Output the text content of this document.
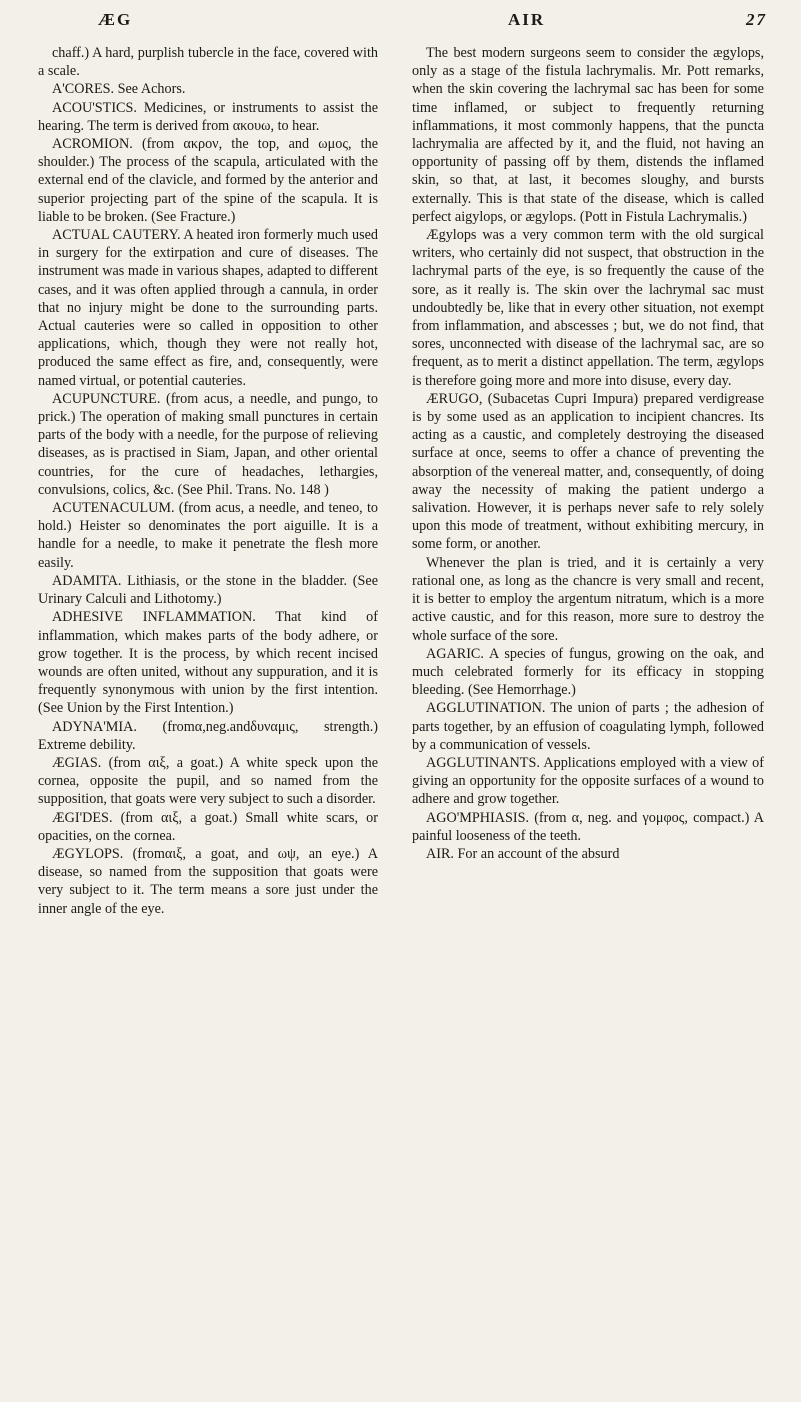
ÆG	AIR	27

chaff.) A hard, purplish tubercle in the face, covered with a scale.

A'CORES. See Achors.

ACOU'STICS. Medicines, or instruments to assist the hearing. The term is derived from ακουω, to hear.

ACROMION. (from ακρον, the top, and ωμος, the shoulder.) The process of the scapula, articulated with the external end of the clavicle, and formed by the anterior and superior projecting part of the spine of the scapula. It is liable to be broken. (See Fracture.)

ACTUAL CAUTERY. A heated iron formerly much used in surgery for the extirpation and cure of diseases. The instrument was made in various shapes, adapted to different cases, and it was often applied through a cannula, in order that no injury might be done to the surrounding parts. Actual cauteries were so called in opposition to other applications, which, though they were not really hot, produced the same effect as fire, and, consequently, were named virtual, or potential cauteries.

ACUPUNCTURE. (from acus, a needle, and pungo, to prick.) The operation of making small punctures in certain parts of the body with a needle, for the purpose of relieving diseases, as is practised in Siam, Japan, and other oriental countries, for the cure of headaches, lethargies, convulsions, colics, &c. (See Phil. Trans. No. 148 )

ACUTENACULUM. (from acus, a needle, and teneo, to hold.) Heister so denominates the port aiguille. It is a handle for a needle, to make it penetrate the flesh more easily.

ADAMITA. Lithiasis, or the stone in the bladder. (See Urinary Calculi and Lithotomy.)

ADHESIVE INFLAMMATION. That kind of inflammation, which makes parts of the body adhere, or grow together. It is the process, by which recent incised wounds are often united, without any suppuration, and it is frequently synonymous with union by the first intention. (See Union by the First Intention.)

ADYNA'MIA. (fromα,neg.andδυναμις, strength.) Extreme debility.

ÆGIAS. (from αιξ, a goat.) A white speck upon the cornea, opposite the pupil, and so named from the supposition, that goats were very subject to such a disorder.

ÆGI'DES. (from αιξ, a goat.) Small white scars, or opacities, on the cornea.

ÆGYLOPS. (fromαιξ, a goat, and ωψ, an eye.) A disease, so named from the supposition that goats were very subject to it. The term means a sore just under the inner angle of the eye.

The best modern surgeons seem to consider the ægylops, only as a stage of the fistula lachrymalis. Mr. Pott remarks, when the skin covering the lachrymal sac has been for some time inflamed, or subject to frequently returning inflammations, it most commonly happens, that the puncta lachrymalia are affected by it, and the fluid, not having an opportunity of passing off by them, distends the inflamed skin, so that, at last, it becomes sloughy, and bursts externally. This is that state of the disease, which is called perfect aigylops, or ægylops. (Pott in Fistula Lachrymalis.)

Ægylops was a very common term with the old surgical writers, who certainly did not suspect, that obstruction in the lachrymal parts of the eye, is so frequently the cause of the sore, as it really is. The skin over the lachrymal sac must undoubtedly be, like that in every other situation, not exempt from inflammation, and abscesses ; but, we do not find, that sores, unconnected with disease of the lachrymal sac, are so frequent, as to merit a distinct appellation. The term, ægylops is therefore going more and more into disuse, every day.

ÆRUGO, (Subacetas Cupri Impura) prepared verdigrease is by some used as an application to incipient chancres. Its acting as a caustic, and completely destroying the diseased surface at once, seems to offer a chance of preventing the absorption of the venereal matter, and, consequently, of doing away the necessity of making the patient undergo a salivation. However, it is perhaps never safe to rely solely upon this mode of treatment, without exhibiting mercury, in some form, or another.

Whenever the plan is tried, and it is certainly a very rational one, as long as the chancre is very small and recent, it is better to employ the argentum nitratum, which is a more active caustic, and for this reason, more sure to destroy the whole surface of the sore.

AGARIC. A species of fungus, growing on the oak, and much celebrated formerly for its efficacy in stopping bleeding. (See Hemorrhage.)

AGGLUTINATION. The union of parts ; the adhesion of parts together, by an effusion of coagulating lymph, followed by a communication of vessels.

AGGLUTINANTS. Applications employed with a view of giving an opportunity for the opposite surfaces of a wound to adhere and grow together.

AGO'MPHIASIS. (from α, neg. and γομφος, compact.) A painful looseness of the teeth.

AIR. For an account of the absurd
